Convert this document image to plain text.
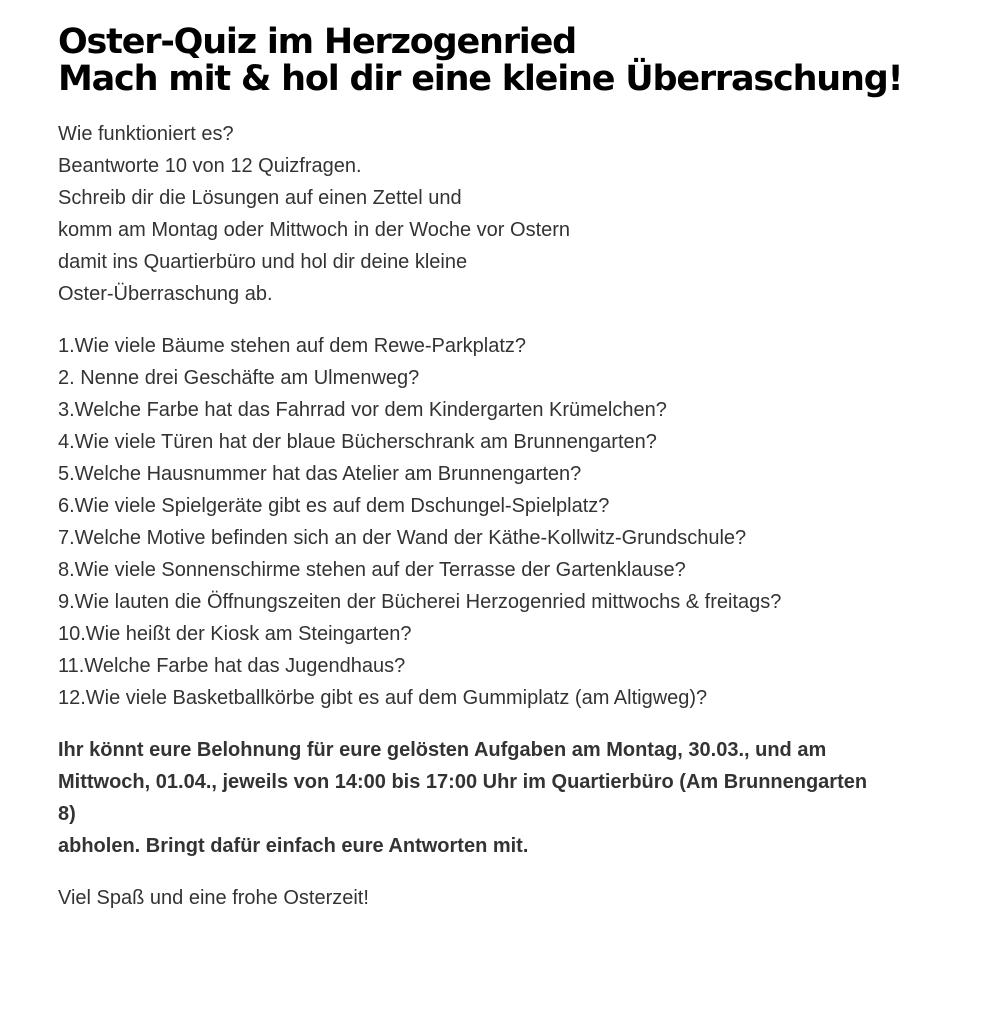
Oster-Quiz im Herzogenried
Mach mit & hol dir eine kleine Überraschung!
Wie funktioniert es?
Beantworte 10 von 12 Quizfragen.
Schreib dir die Lösungen auf einen Zettel und
komm am Montag oder Mittwoch in der Woche vor Ostern
damit ins Quartierbüro und hol dir deine kleine
Oster-Überraschung ab.
1.Wie viele Bäume stehen auf dem Rewe-Parkplatz?
2. Nenne drei Geschäfte am Ulmenweg?
3.Welche Farbe hat das Fahrrad vor dem Kindergarten Krümelchen?
4.Wie viele Türen hat der blaue Bücherschrank am Brunnengarten?
5.Welche Hausnummer hat das Atelier am Brunnengarten?
6.Wie viele Spielgeräte gibt es auf dem Dschungel-Spielplatz?
7.Welche Motive befinden sich an der Wand der Käthe-Kollwitz-Grundschule?
8.Wie viele Sonnenschirme stehen auf der Terrasse der Gartenklause?
9.Wie lauten die Öffnungszeiten der Bücherei Herzogenried mittwochs & freitags?
10.Wie heißt der Kiosk am Steingarten?
11.Welche Farbe hat das Jugendhaus?
12.Wie viele Basketballkörbe gibt es auf dem Gummiplatz (am Altigweg)?
Ihr könnt eure Belohnung für eure gelösten Aufgaben am Montag, 30.03., und am
Mittwoch, 01.04., jeweils von 14:00 bis 17:00 Uhr im Quartierbüro (Am Brunnengarten
8)
abholen. Bringt dafür einfach eure Antworten mit.
Viel Spaß und eine frohe Osterzeit!
